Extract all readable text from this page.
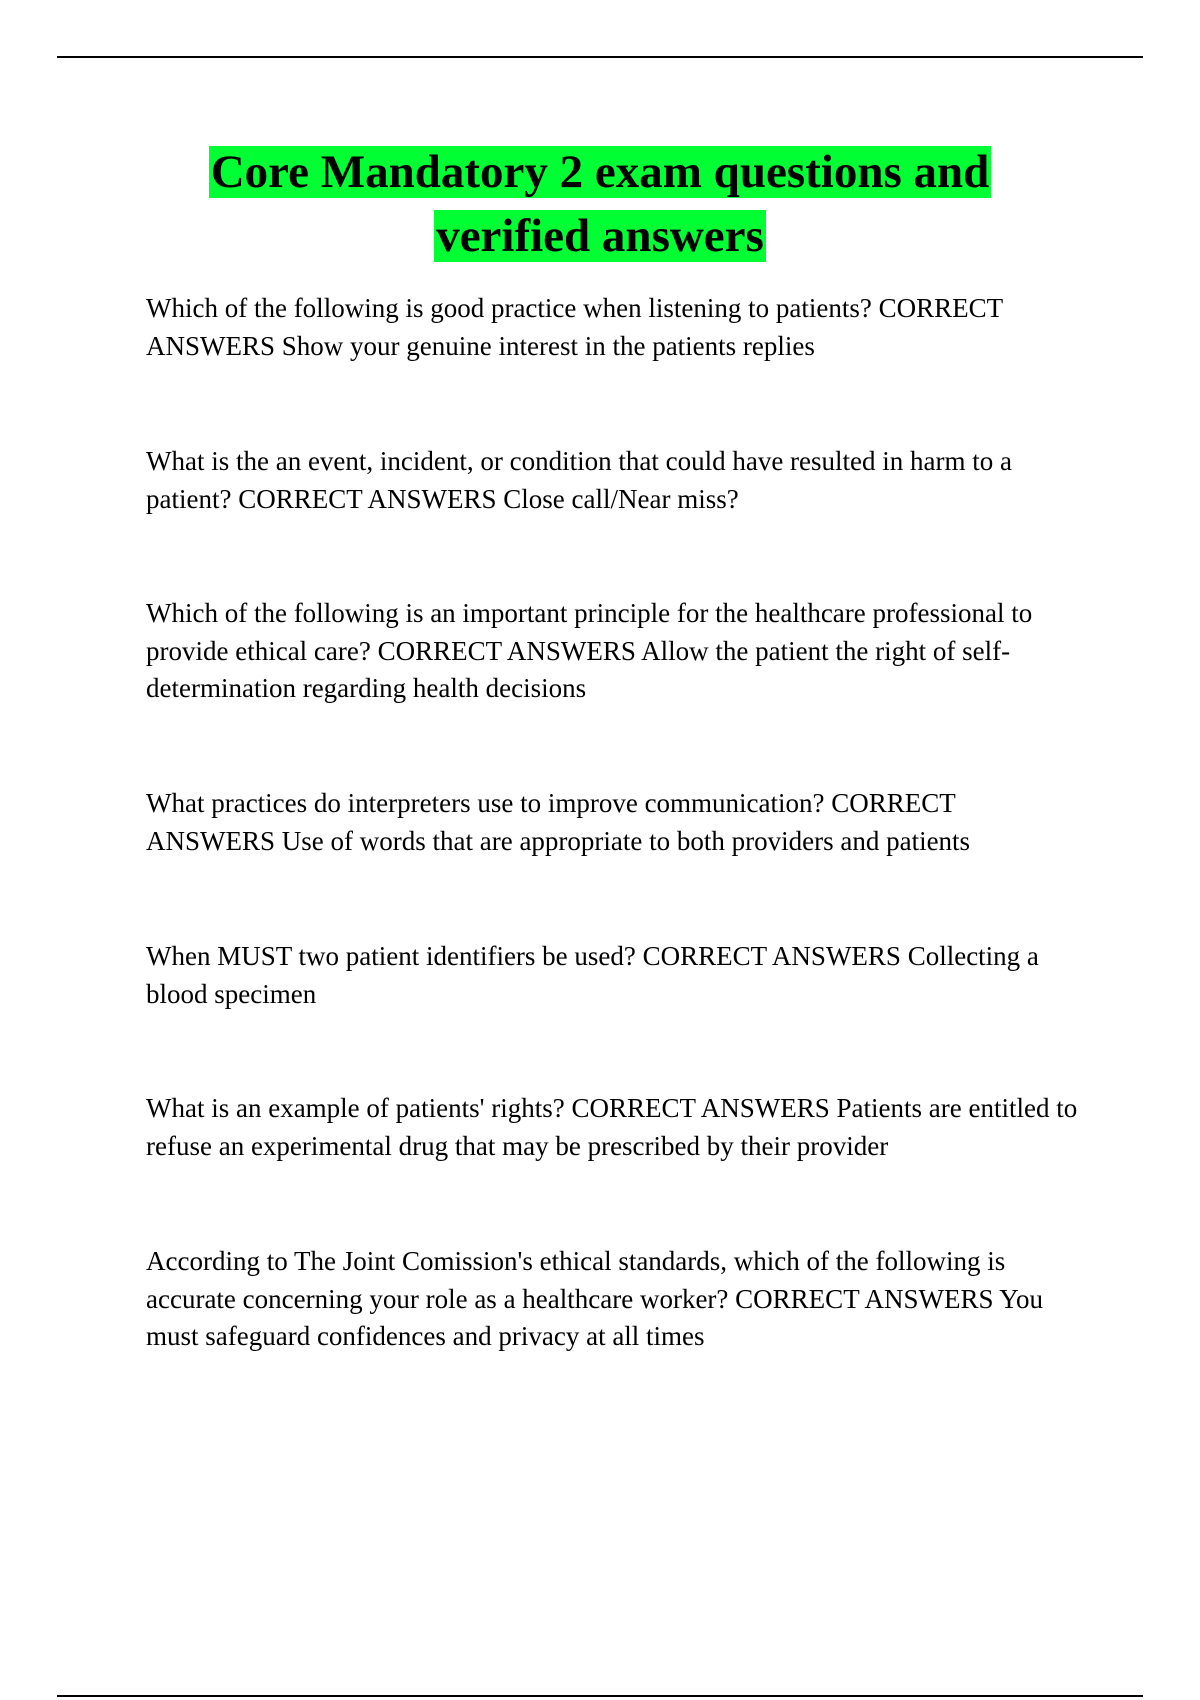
Core Mandatory 2 exam questions and
verified answers

Which of the following is good practice when listening to patients? CORRECT ANSWERS Show your genuine interest in the patients replies

What is the an event, incident, or condition that could have resulted in harm to a patient? CORRECT ANSWERS Close call/Near miss?

Which of the following is an important principle for the healthcare professional to provide ethical care? CORRECT ANSWERS Allow the patient the right of self-determination regarding health decisions

What practices do interpreters use to improve communication? CORRECT ANSWERS Use of words that are appropriate to both providers and patients

When MUST two patient identifiers be used? CORRECT ANSWERS Collecting a blood specimen

What is an example of patients' rights? CORRECT ANSWERS Patients are entitled to refuse an experimental drug that may be prescribed by their provider

According to The Joint Comission's ethical standards, which of the following is accurate concerning your role as a healthcare worker? CORRECT ANSWERS You must safeguard confidences and privacy at all times
